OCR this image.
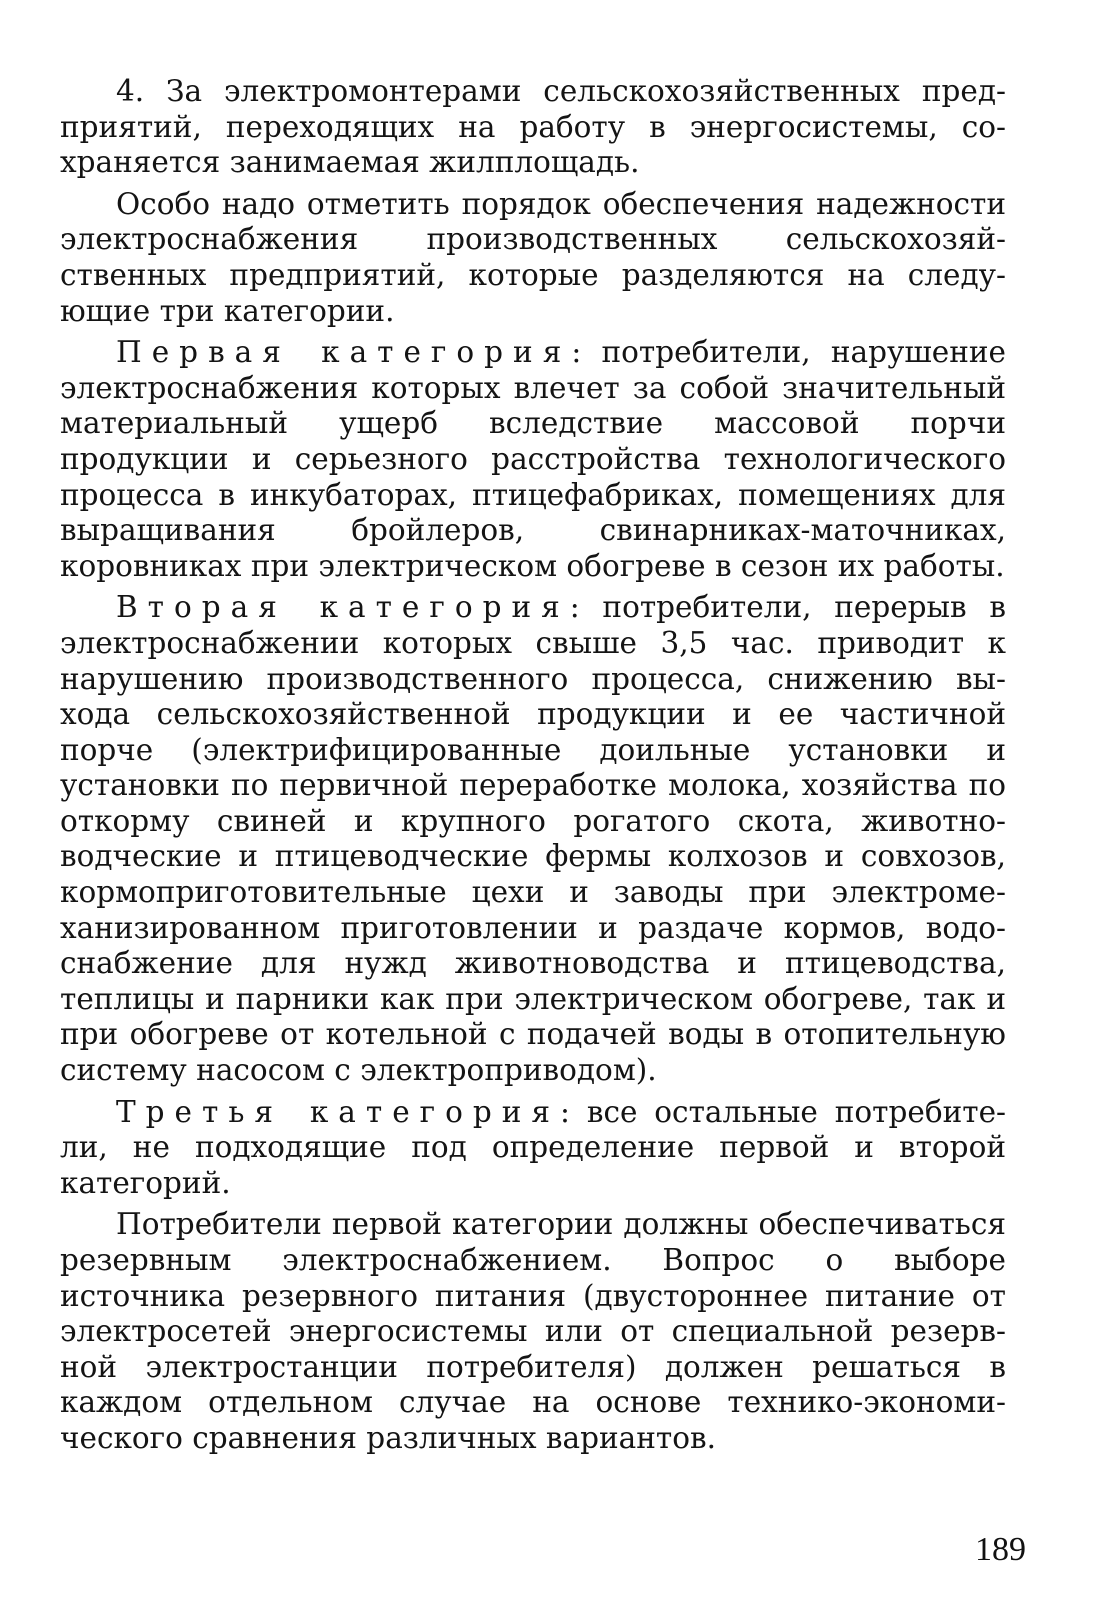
4. За электромонтерами сельскохозяйственных предприятий, переходящих на работу в энергосистемы, сохраняется занимаемая жилплощадь.

Особо надо отметить порядок обеспечения надежности электроснабжения производственных сельскохозяйственных предприятий, которые разделяются на следующие три категории.

Первая категория: потребители, нарушение электроснабжения которых влечет за собой значительный материальный ущерб вследствие массовой порчи продукции и серьезного расстройства технологического процесса в инкубаторах, птицефабриках, помещениях для выращивания бройлеров, свинарниках-маточниках, коровниках при электрическом обогреве в сезон их работы.

Вторая категория: потребители, перерыв в электроснабжении которых свыше 3,5 час. приводит к нарушению производственного процесса, снижению выхода сельскохозяйственной продукции и ее частичной порче (электрифицированные доильные установки и установки по первичной переработке молока, хозяйства по откорму свиней и крупного рогатого скота, животноводческие и птицеводческие фермы колхозов и совхозов, кормоприготовительные цехи и заводы при электромеханизированном приготовлении и раздаче кормов, водоснабжение для нужд животноводства и птицеводства, теплицы и парники как при электрическом обогреве, так и при обогреве от котельной с подачей воды в отопительную систему насосом с электроприводом).

Третья категория: все остальные потребители, не подходящие под определение первой и второй категорий.

Потребители первой категории должны обеспечиваться резервным электроснабжением. Вопрос о выборе источника резервного питания (двустороннее питание от электросетей энергосистемы или от специальной резервной электростанции потребителя) должен решаться в каждом отдельном случае на основе технико-экономического сравнения различных вариантов.

189
